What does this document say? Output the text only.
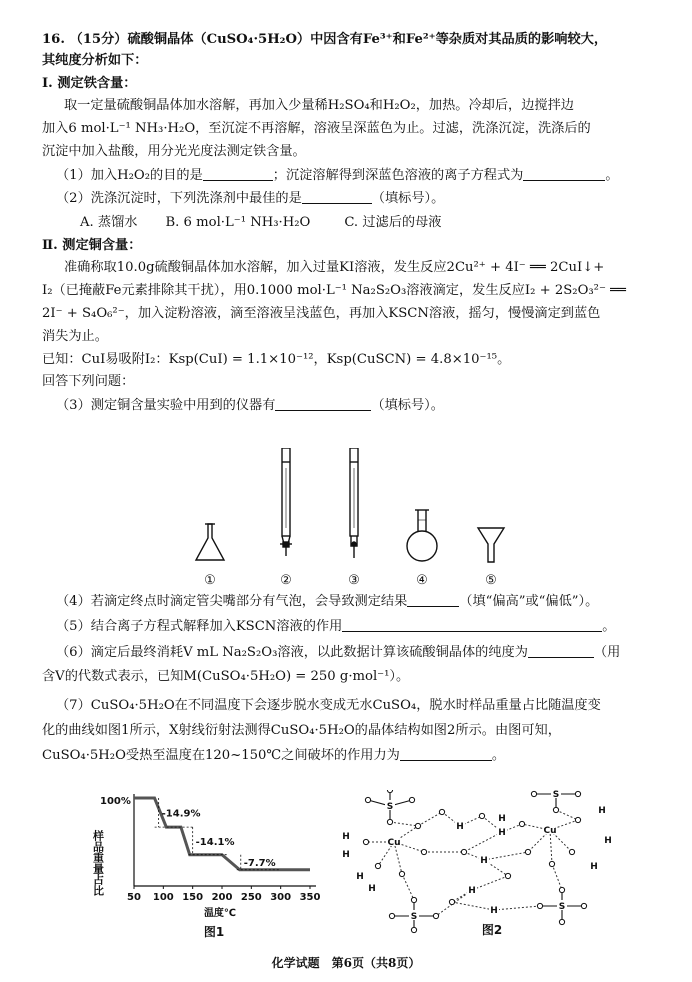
16. （15分）硫酸铜晶体（CuSO₄·5H₂O）中因含有Fe³⁺和Fe²⁺等杂质对其品质的影响较大，
其纯度分析如下：
Ⅰ. 测定铁含量：
取一定量硫酸铜晶体加水溶解，再加入少量稀H₂SO₄和H₂O₂，加热。冷却后，边搅拌边
加入6 mol·L⁻¹ NH₃·H₂O，至沉淀不再溶解，溶液呈深蓝色为止。过滤，洗涤沉淀，洗涤后的
沉淀中加入盐酸，用分光光度法测定铁含量。
（1）加入H₂O₂的目的是	；沉淀溶解得到深蓝色溶液的离子方程式为	。
（2）洗涤沉淀时，下列洗涤剂中最佳的是	（填标号）。
A. 蒸馏水 B. 6 mol·L⁻¹ NH₃·H₂O	C. 过滤后的母液
Ⅱ. 测定铜含量：
准确称取10.0g硫酸铜晶体加水溶解，加入过量KI溶液，发生反应2Cu²⁺ + 4I⁻ ══ 2CuI↓+
I₂（已掩蔽Fe元素排除其干扰），用0.1000 mol·L⁻¹ Na₂S₂O₃溶液滴定，发生反应I₂ + 2S₂O₃²⁻ ══
2I⁻ + S₄O₆²⁻，加入淀粉溶液，滴至溶液呈浅蓝色，再加入KSCN溶液，摇匀，慢慢滴定到蓝色
消失为止。
已知：CuI易吸附I₂：Ksp(CuI) = 1.1×10⁻¹²，Ksp(CuSCN) = 4.8×10⁻¹⁵。
回答下列问题：
（3）测定铜含量实验中用到的仪器有	（填标号）。
①	②	③	④	⑤
（4）若滴定终点时滴定管尖嘴部分有气泡，会导致测定结果	（填“偏高”或“偏低”）。
（5）结合离子方程式解释加入KSCN溶液的作用	。
（6）滴定后最终消耗V mL Na₂S₂O₃溶液，以此数据计算该硫酸铜晶体的纯度为	（用
含V的代数式表示，已知M(CuSO₄·5H₂O) = 250 g·mol⁻¹）。
（7）CuSO₄·5H₂O在不同温度下会逐步脱水变成无水CuSO₄，脱水时样品重量占比随温度变
化的曲线如图1所示，X射线衍射法测得CuSO₄·5H₂O的晶体结构如图2所示。由图可知，
CuSO₄·5H₂O受热至温度在120~150℃之间破坏的作用力为	。
样品重量占比
100%
温度℃
图1
50 100 150 200 250 300 350
-14.9%
-14.1%
-7.7%
Cu
Cu
S
S
S
S
H
H
H
H
H
H
H
H
H
H
H
H
H
图2
化学试题　第6页（共8页）
